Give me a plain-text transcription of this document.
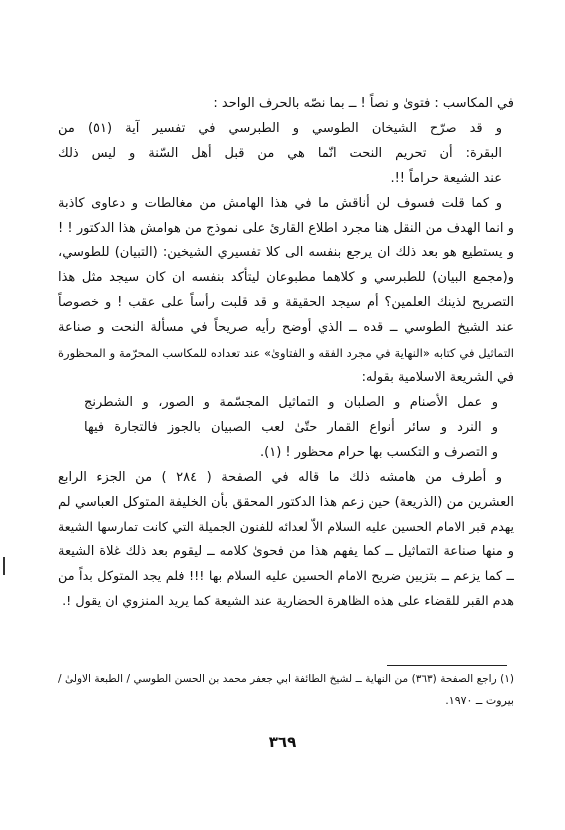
في المكاسب : فتوىٰ و نصاً ! ــ بما نصّه بالحرف الواحد :
و قد صرّح الشيخان الطوسي و الطبرسي في تفسير آية (٥١) من
البقرة: أن تحريم النحت انّما هي من قبل أهل السّنة و ليس ذلك
عند الشيعة حراماً !!.
و كما قلت فسوف لن أناقش ما في هذا الهامش من مغالطات و دعاوى كاذبة
و انما الهدف من النقل هنا مجرد اطلاع القارئ على نموذج من هوامش هذا الدكتور ! !
و يستطيع هو بعد ذلك ان يرجع بنفسه الى كلا تفسيري الشيخين: (التبيان) للطوسي،
و(مجمع البيان) للطبرسي و كلاهما مطبوعان ليتأكد بنفسه ان كان سيجد مثل هذا
التصريح لذينك العلمين؟ أم سيجد الحقيقة و قد قلبت رأساً على عقب ! و خصوصاً
عند الشيخ الطوسي ــ قده ــ الذي أوضح رأيه صريحاً في مسألة النحت و صناعة
التماثيل في كتابه «النهاية في مجرد الفقه و الفتاوىٰ» عند تعداده للمكاسب المحرّمة و المحظورة
في الشريعة الاسلامية بقوله:
و عمل الأصنام و الصلبان و التماثيل المجسّمة و الصور، و الشطرنج
و النرد و سائر أنواع القمار حتّىٰ لعب الصبيان بالجوز فالتجارة فيها
و التصرف و التكسب بها حرام محظور ! (١).
و أطرف من هامشه ذلك ما قاله في الصفحة ( ٢٨٤ ) من الجزء الرابع
العشرين من (الذريعة) حين زعم هذا الدكتور المحقق بأن الخليفة المتوكل العباسي لم
يهدم قبر الامام الحسين عليه السلام الاّ لعدائه للفنون الجميلة التي كانت تمارسها الشيعة
و منها صناعة التماثيل ــ كما يفهم هذا من فحوىٰ كلامه ــ ليقوم بعد ذلك غلاة الشيعة
ــ كما يزعم ــ بتزيين ضريح الامام الحسين عليه السلام بها !!! فلم يجد المتوكل بداً من
هدم القبر للقضاء على هذه الظاهرة الحضارية عند الشيعة كما يريد المنزوي ان يقول !.
(١) راجع الصفحة (٣٦٣) من النهاية ــ لشيخ الطائفة ابي جعفر محمد بن الحسن الطوسي / الطبعة الاولىٰ /
بيروت ــ ١٩٧٠.
٣٦٩
